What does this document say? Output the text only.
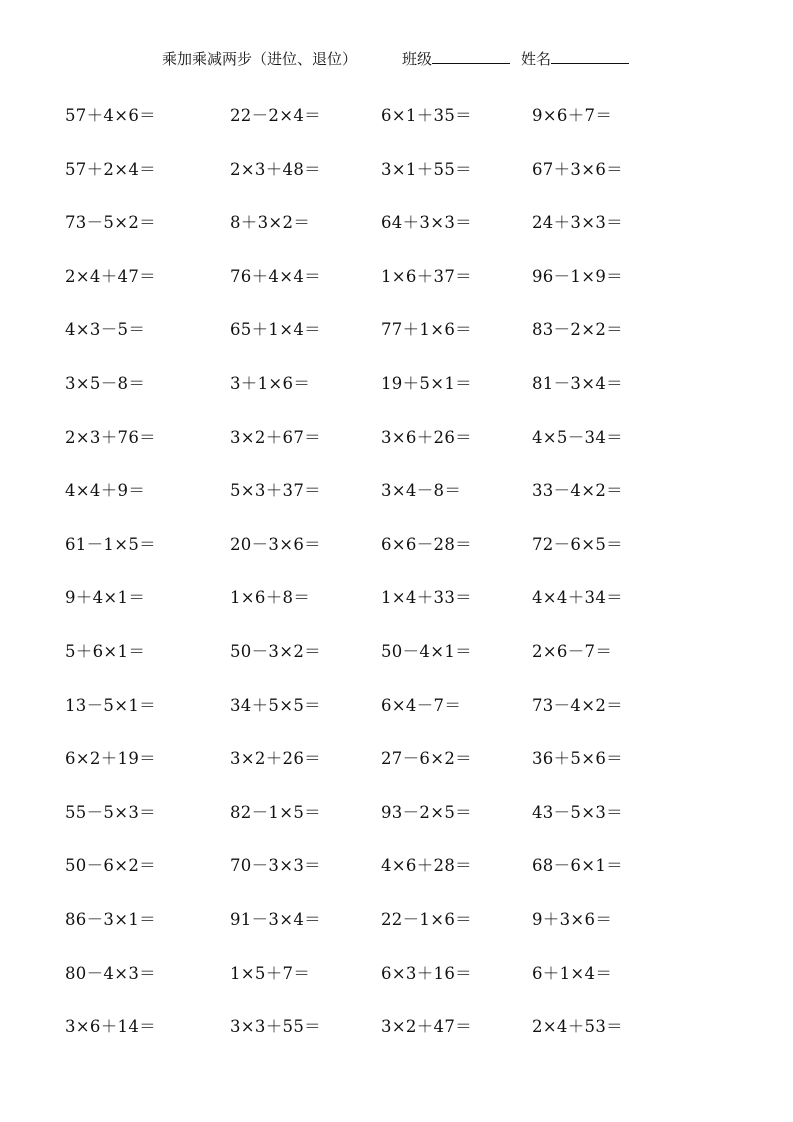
乘加乘减两步（进位、退位）	班级	姓名
57＋4×6＝	22－2×4＝	6×1＋35＝	9×6＋7＝
57＋2×4＝	2×3＋48＝	3×1＋55＝	67＋3×6＝
73－5×2＝	8＋3×2＝	64＋3×3＝	24＋3×3＝
2×4＋47＝	76＋4×4＝	1×6＋37＝	96－1×9＝
4×3－5＝	65＋1×4＝	77＋1×6＝	83－2×2＝
3×5－8＝	3＋1×6＝	19＋5×1＝	81－3×4＝
2×3＋76＝	3×2＋67＝	3×6＋26＝	4×5－34＝
4×4＋9＝	5×3＋37＝	3×4－8＝	33－4×2＝
61－1×5＝	20－3×6＝	6×6－28＝	72－6×5＝
9＋4×1＝	1×6＋8＝	1×4＋33＝	4×4＋34＝
5＋6×1＝	50－3×2＝	50－4×1＝	2×6－7＝
13－5×1＝	34＋5×5＝	6×4－7＝	73－4×2＝
6×2＋19＝	3×2＋26＝	27－6×2＝	36＋5×6＝
55－5×3＝	82－1×5＝	93－2×5＝	43－5×3＝
50－6×2＝	70－3×3＝	4×6＋28＝	68－6×1＝
86－3×1＝	91－3×4＝	22－1×6＝	9＋3×6＝
80－4×3＝	1×5＋7＝	6×3＋16＝	6＋1×4＝
3×6＋14＝	3×3＋55＝	3×2＋47＝	2×4＋53＝
